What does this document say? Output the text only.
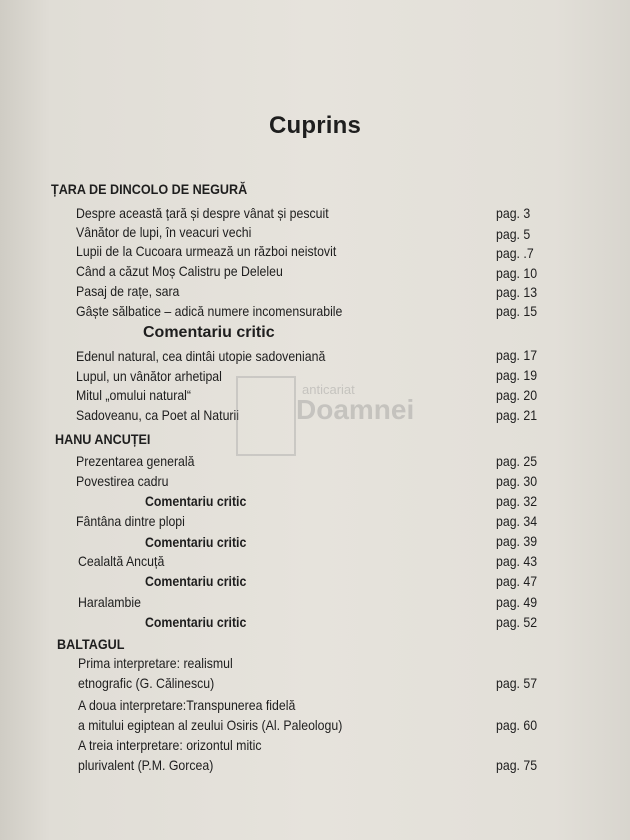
Cuprins
ȚARA DE DINCOLO DE NEGURĂ
Despre această țară și despre vânat și pescuit	pag. 3
Vânător de lupi, în veacuri vechi	pag. 5
Lupii de la Cucoara urmează un război neistovit	pag. .7
Când a căzut Moș Calistru pe Deleleu	pag. 10
Pasaj de rațe, sara	pag. 13
Gâște sălbatice – adică numere incomensurabile	pag. 15
Comentariu critic
Edenul natural, cea dintâi utopie sadoveniană	pag. 17
Lupul, un vânător arhetipal	pag. 19
Mitul „omului natural“	pag. 20
Sadoveanu, ca Poet al Naturii	pag. 21
HANU ANCUȚEI
Prezentarea generală	pag. 25
Povestirea cadru	pag. 30
Comentariu critic	pag. 32
Fântâna dintre plopi	pag. 34
Comentariu critic	pag. 39
Cealaltă Ancuță	pag. 43
Comentariu critic	pag. 47
Haralambie	pag. 49
Comentariu critic	pag. 52
BALTAGUL
Prima interpretare: realismul
etnografic (G. Călinescu)	pag. 57
A doua interpretare:Transpunerea fidelă
a mitului egiptean al zeului Osiris (Al. Paleologu)	pag. 60
A treia interpretare: orizontul mitic
plurivalent (P.M. Gorcea)	pag. 75
anticariat
Doamnei
